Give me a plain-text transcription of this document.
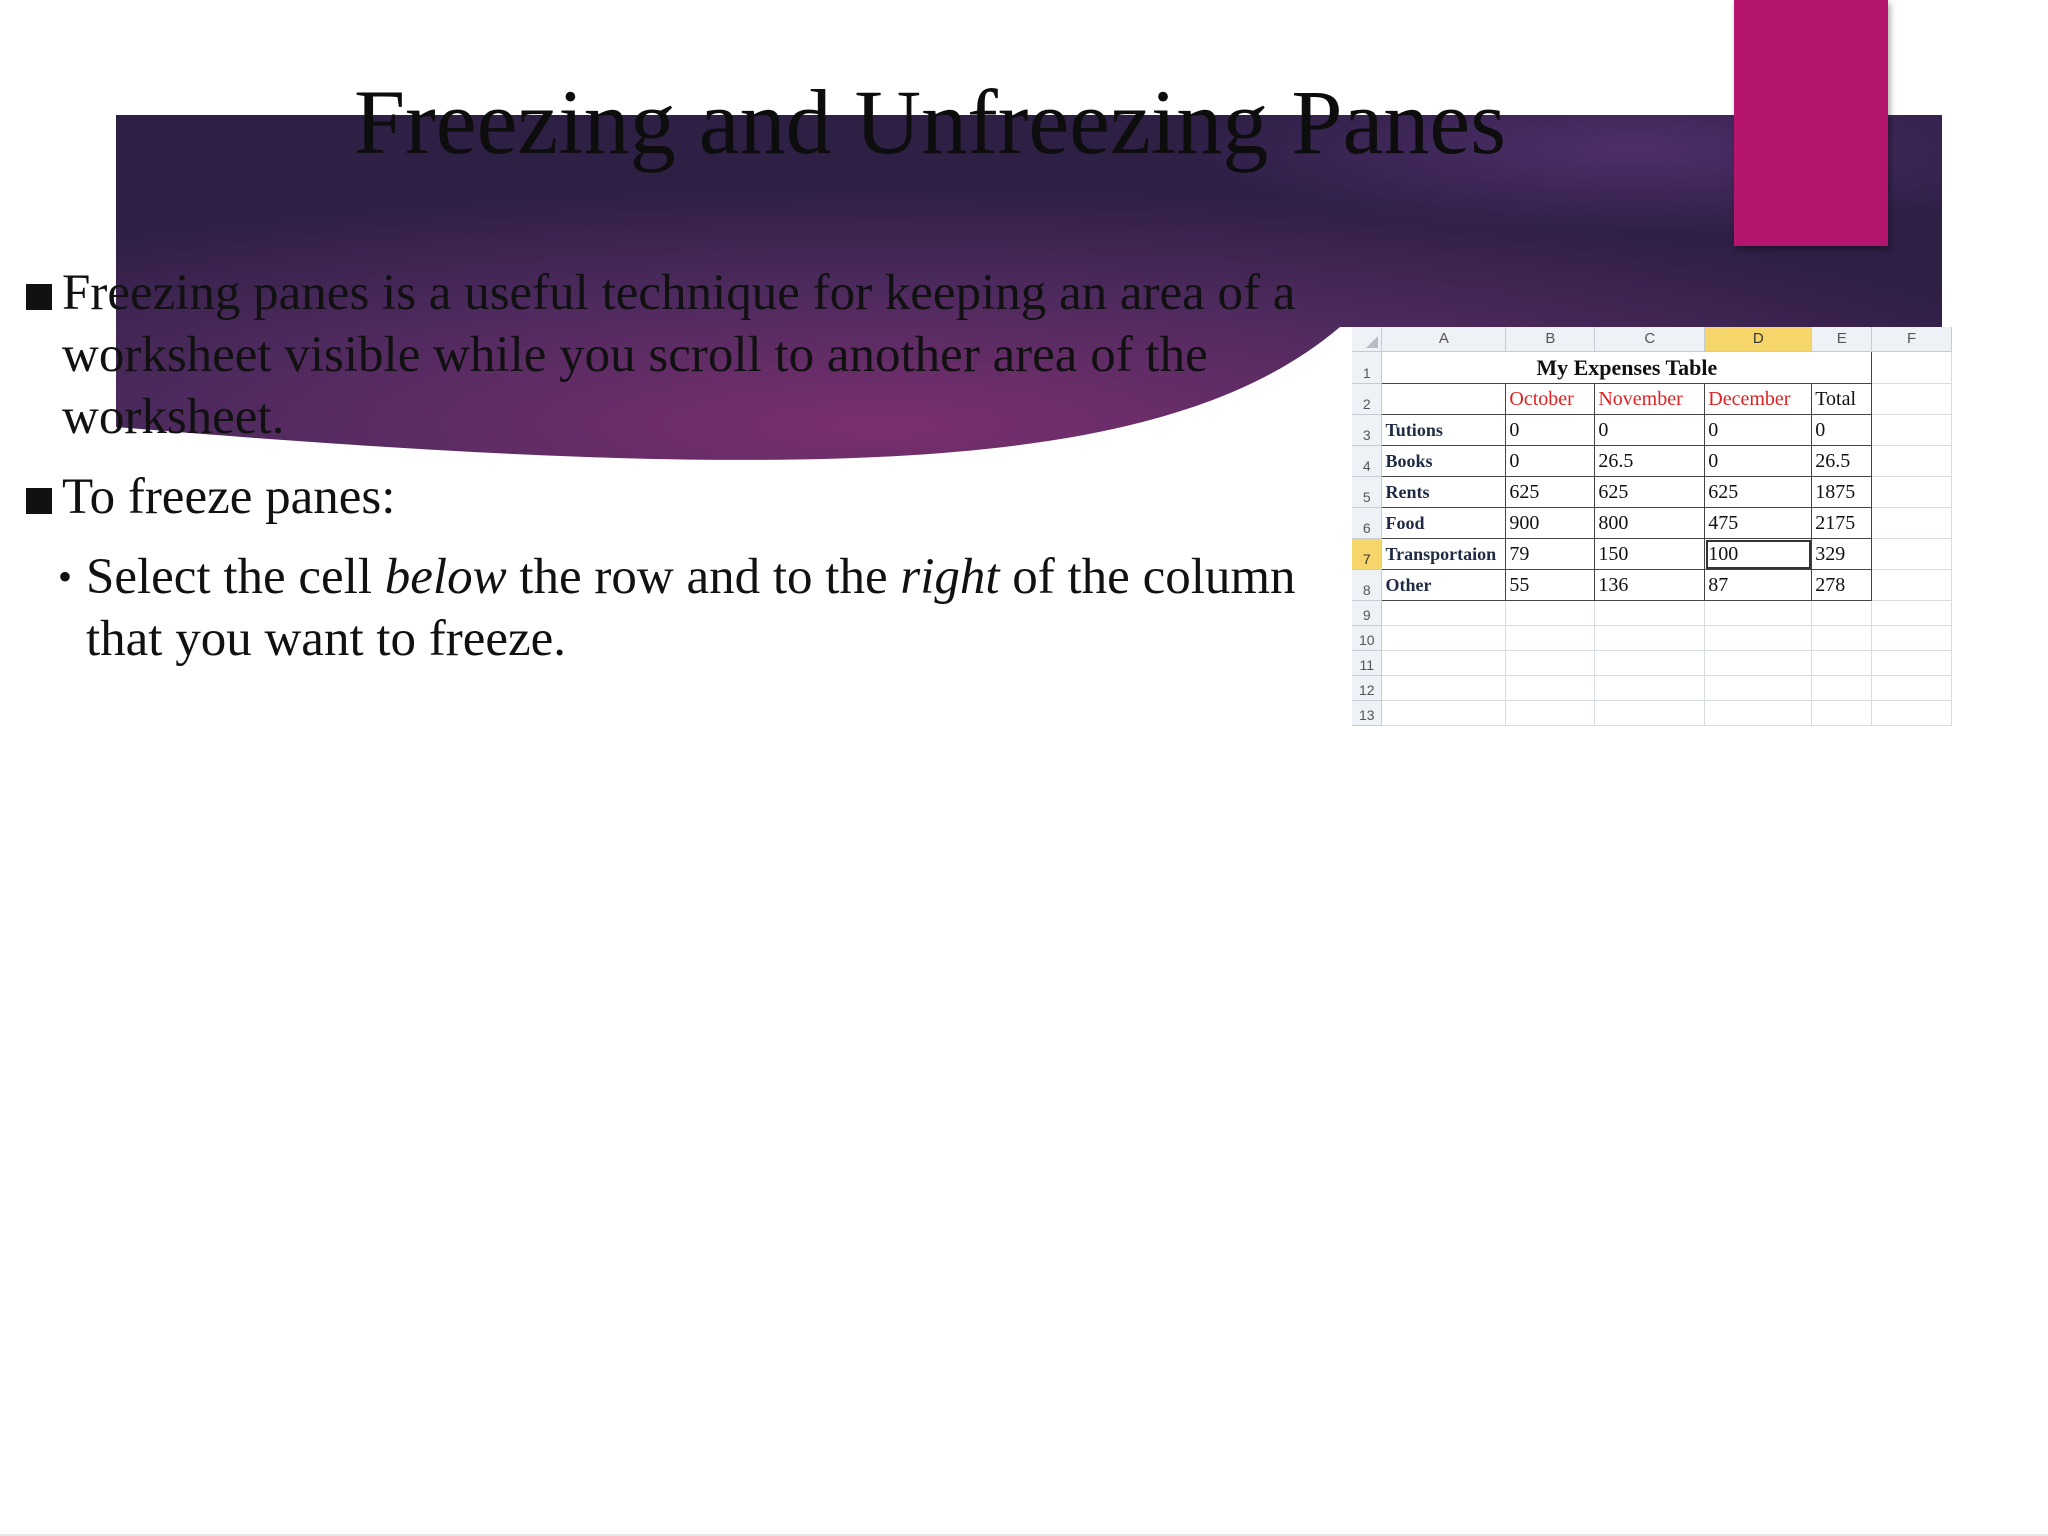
Freezing and Unfreezing Panes
Freezing panes is a useful technique for keeping an area of a worksheet visible while you scroll to another area of the worksheet.
To freeze panes:
• Select the cell below the row and to the right of the column that you want to freeze.
	A	B	C	D	E	F
1	My Expenses Table					
2		October	November	December	Total	
3	Tutions	0	0	0	0	
4	Books	0	26.5	0	26.5	
5	Rents	625	625	625	1875	
6	Food	900	800	475	2175	
7	Transportaion	79	150	100	329	
8	Other	55	136	87	278	
9						
10						
11						
12						
13						
